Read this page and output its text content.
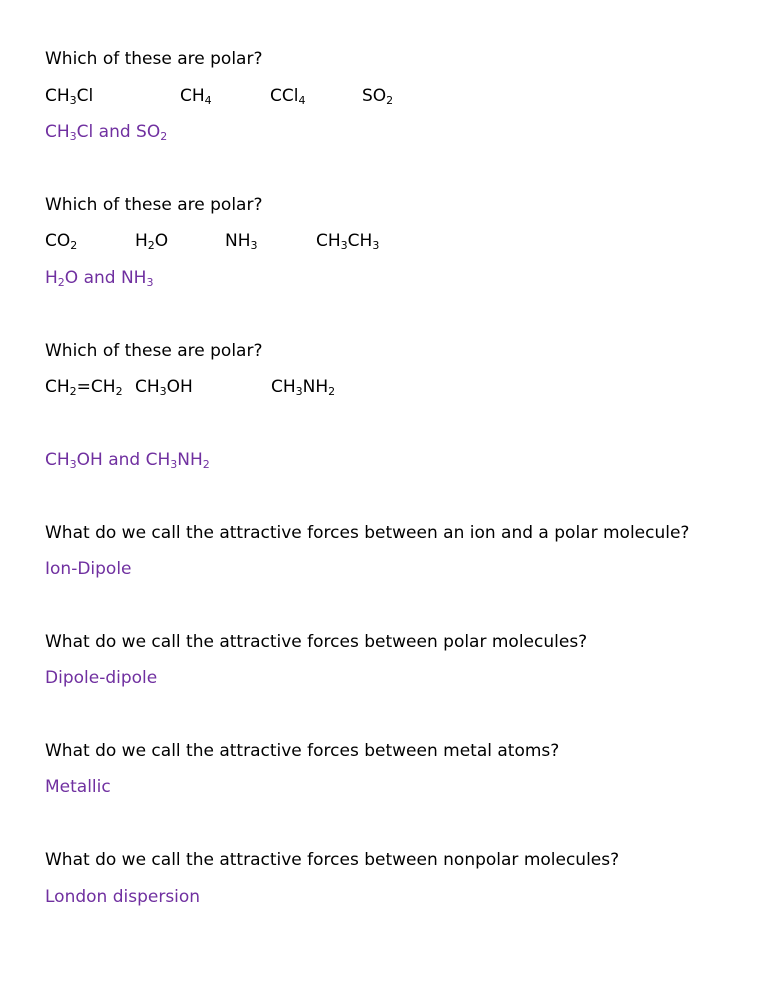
Which of these are polar?
$CH_3Cl$	$CH_4$	CCl$_4$	$SO_2$
$CH_3Cl$ and $SO_2$
Which of these are polar?
$CO_2$	$H_2O$	$NH_3$	$CH_3CH_3$
$H_2O$ and $NH_3$
Which of these are polar?
$CH_2=CH_2$ $CH_3OH$	$CH_3NH_2$
$CH_3OH$ and $CH_3NH_2$
What do we call the attractive forces between an ion and a polar molecule?
Ion-Dipole
What do we call the attractive forces between polar molecules?
Dipole-dipole
What do we call the attractive forces between metal atoms?
Metallic
What do we call the attractive forces between nonpolar molecules?
London dispersion
